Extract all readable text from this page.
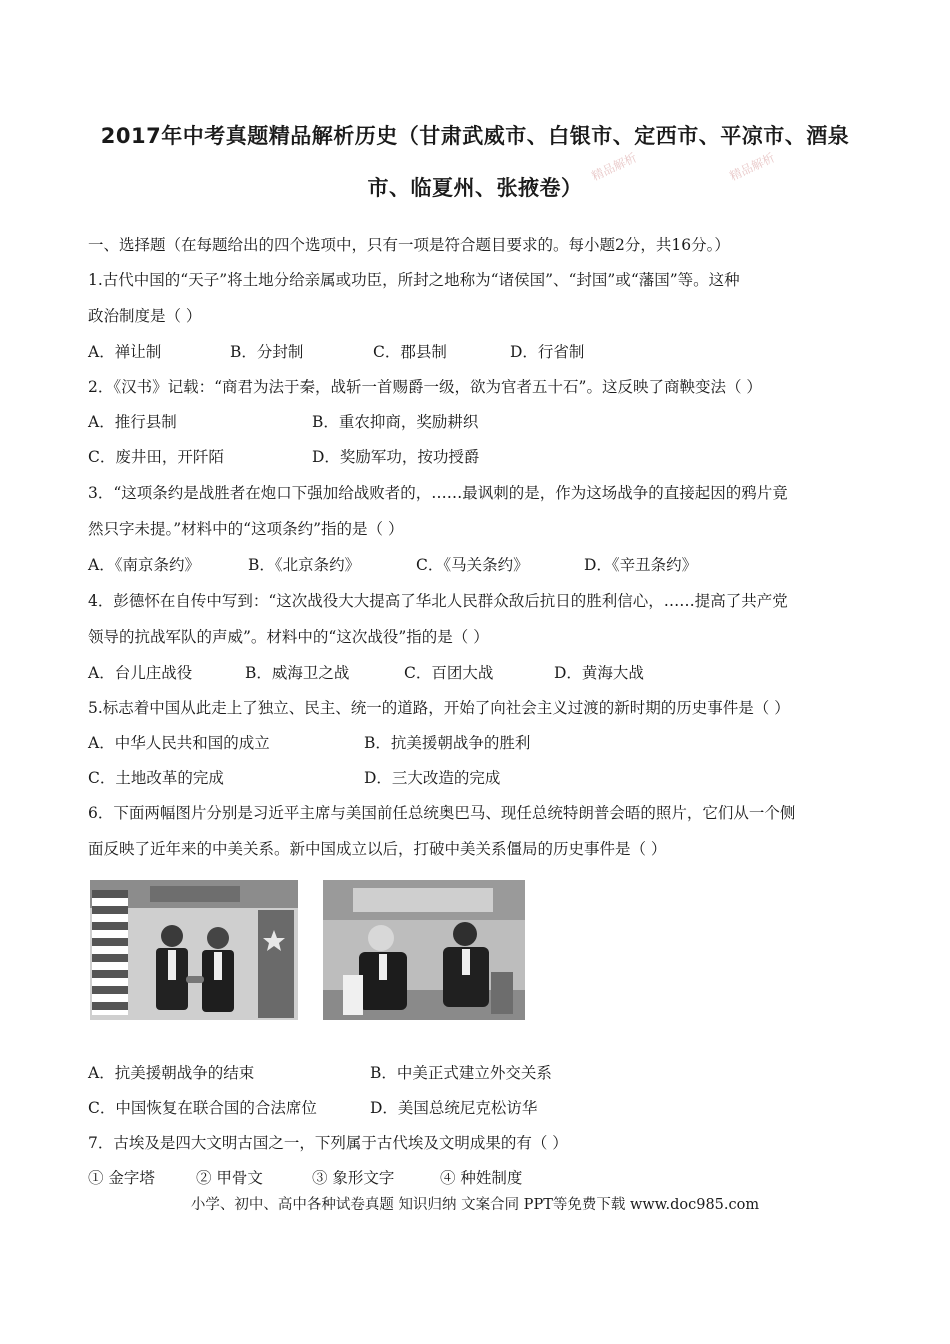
2017年中考真题精品解析历史（甘肃武威市、白银市、定西市、平凉市、酒泉
市、临夏州、张掖卷）
精品解析	精品解析
一、选择题（在每题给出的四个选项中，只有一项是符合题目要求的。每小题2分，共16分。）
1.古代中国的“天子”将土地分给亲属或功臣，所封之地称为“诸侯国”、“封国”或“藩国”等。这种
政治制度是（ ）
A．禅让制	B．分封制	C．郡县制	D．行省制
2．《汉书》记载：“商君为法于秦，战斩一首赐爵一级，欲为官者五十石”。这反映了商鞅变法（ ）
A．推行县制	B．重农抑商，奖励耕织
C．废井田，开阡陌	D．奖励军功，按功授爵
3．“这项条约是战胜者在炮口下强加给战败者的，……最讽刺的是，作为这场战争的直接起因的鸦片竟
然只字未提。”材料中的“这项条约”指的是（ ）
A．《南京条约》	B．《北京条约》	C．《马关条约》	D．《辛丑条约》
4．彭德怀在自传中写到：“这次战役大大提高了华北人民群众敌后抗日的胜利信心，……提高了共产党
领导的抗战军队的声威”。材料中的“这次战役”指的是（ ）
A．台儿庄战役	B．威海卫之战	C．百团大战	D．黄海大战
5.标志着中国从此走上了独立、民主、统一的道路，开始了向社会主义过渡的新时期的历史事件是（ ）
A．中华人民共和国的成立	B．抗美援朝战争的胜利
C．土地改革的完成	D．三大改造的完成
6．下面两幅图片分别是习近平主席与美国前任总统奥巴马、现任总统特朗普会晤的照片，它们从一个侧
面反映了近年来的中美关系。新中国成立以后，打破中美关系僵局的历史事件是（ ）
A．抗美援朝战争的结束	B．中美正式建立外交关系
C．中国恢复在联合国的合法席位	D．美国总统尼克松访华
7．古埃及是四大文明古国之一，下列属于古代埃及文明成果的有（ ）
① 金字塔	② 甲骨文	③ 象形文字	④ 种姓制度
小学、初中、高中各种试卷真题 知识归纳 文案合同 PPT等免费下载 www.doc985.com
